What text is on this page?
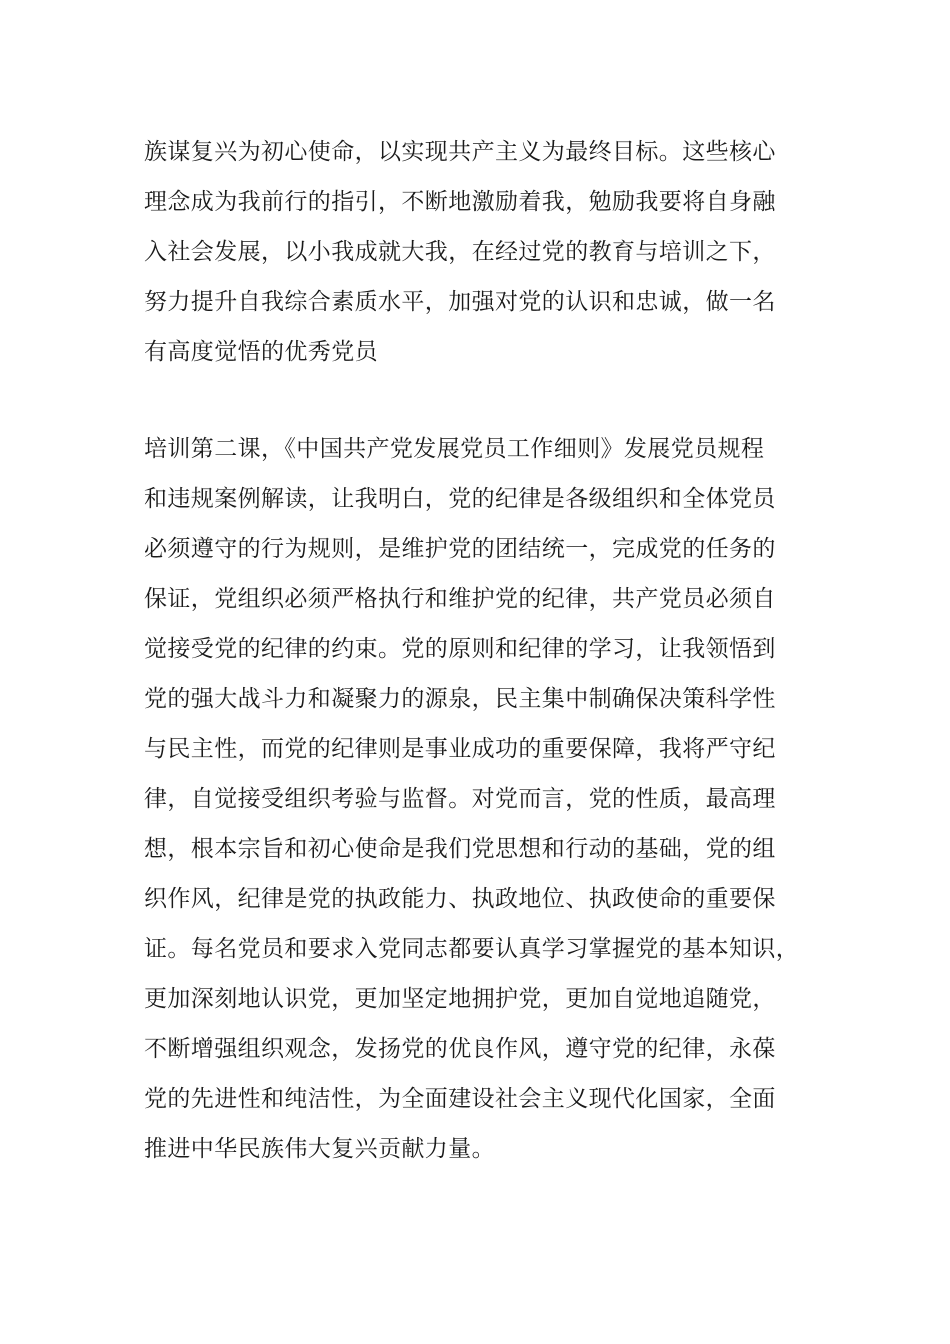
族谋复兴为初心使命，以实现共产主义为最终目标。这些核心
理念成为我前行的指引，不断地激励着我，勉励我要将自身融
入社会发展，以小我成就大我，在经过党的教育与培训之下，
努力提升自我综合素质水平，加强对党的认识和忠诚，做一名
有高度觉悟的优秀党员
培训第二课，《中国共产党发展党员工作细则》发展党员规程
和违规案例解读，让我明白，党的纪律是各级组织和全体党员
必须遵守的行为规则，是维护党的团结统一，完成党的任务的
保证，党组织必须严格执行和维护党的纪律，共产党员必须自
觉接受党的纪律的约束。党的原则和纪律的学习，让我领悟到
党的强大战斗力和凝聚力的源泉，民主集中制确保决策科学性
与民主性，而党的纪律则是事业成功的重要保障，我将严守纪
律，自觉接受组织考验与监督。对党而言，党的性质，最高理
想，根本宗旨和初心使命是我们党思想和行动的基础，党的组
织作风，纪律是党的执政能力、执政地位、执政使命的重要保
证。每名党员和要求入党同志都要认真学习掌握党的基本知识，
更加深刻地认识党，更加坚定地拥护党，更加自觉地追随党，
不断增强组织观念，发扬党的优良作风，遵守党的纪律，永葆
党的先进性和纯洁性，为全面建设社会主义现代化国家，全面
推进中华民族伟大复兴贡献力量。
